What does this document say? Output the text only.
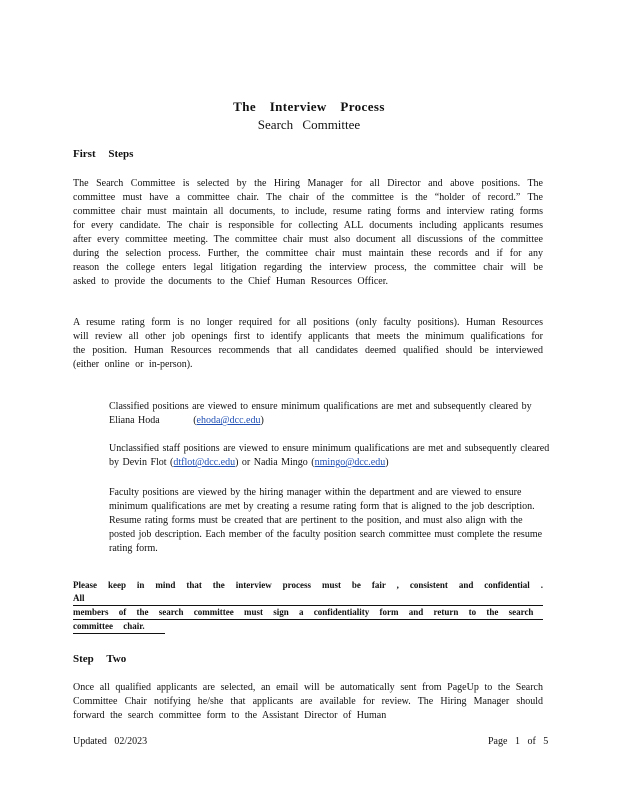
The Interview Process
Search Committee
First Steps
The Search Committee is selected by the Hiring Manager for all Director and above positions. The committee must have a committee chair. The chair of the committee is the “holder of record.” The committee chair must maintain all documents, to include, resume rating forms and interview rating forms for every candidate. The chair is responsible for collecting ALL documents including applicants resumes after every committee meeting. The committee chair must also document all discussions of the committee during the selection process. Further, the committee chair must maintain these records and if for any reason the college enters legal litigation regarding the interview process, the committee chair will be asked to provide the documents to the Chief Human Resources Officer.
A resume rating form is no longer required for all positions (only faculty positions). Human Resources will review all other job openings first to identify applicants that meets the minimum qualifications for the position. Human Resources recommends that all candidates deemed qualified should be interviewed (either online or in-person).
Classified positions are viewed to ensure minimum qualifications are met and subsequently cleared by Eliana Hoda	(ehoda@dcc.edu)
Unclassified staff positions are viewed to ensure minimum qualifications are met and subsequently cleared by Devin Flot (dtflot@dcc.edu) or Nadia Mingo (nmingo@dcc.edu)
Faculty positions are viewed by the hiring manager within the department and are viewed to ensure minimum qualifications are met by creating a resume rating form that is aligned to the job description. Resume rating forms must be created that are pertinent to the position, and must also align with the posted job description. Each member of the faculty position search committee must complete the resume rating form.
Please keep in mind that the interview process must be fair , consistent and confidential . All
members of the search committee must sign a confidentiality form and return to the search
committee chair.
Step Two
Once all qualified applicants are selected, an email will be automatically sent from PageUp to the Search Committee Chair notifying he/she that applicants are available for review. The Hiring Manager should forward the search committee form to the Assistant Director of Human
Updated 02/2023	Page 1 of 5
